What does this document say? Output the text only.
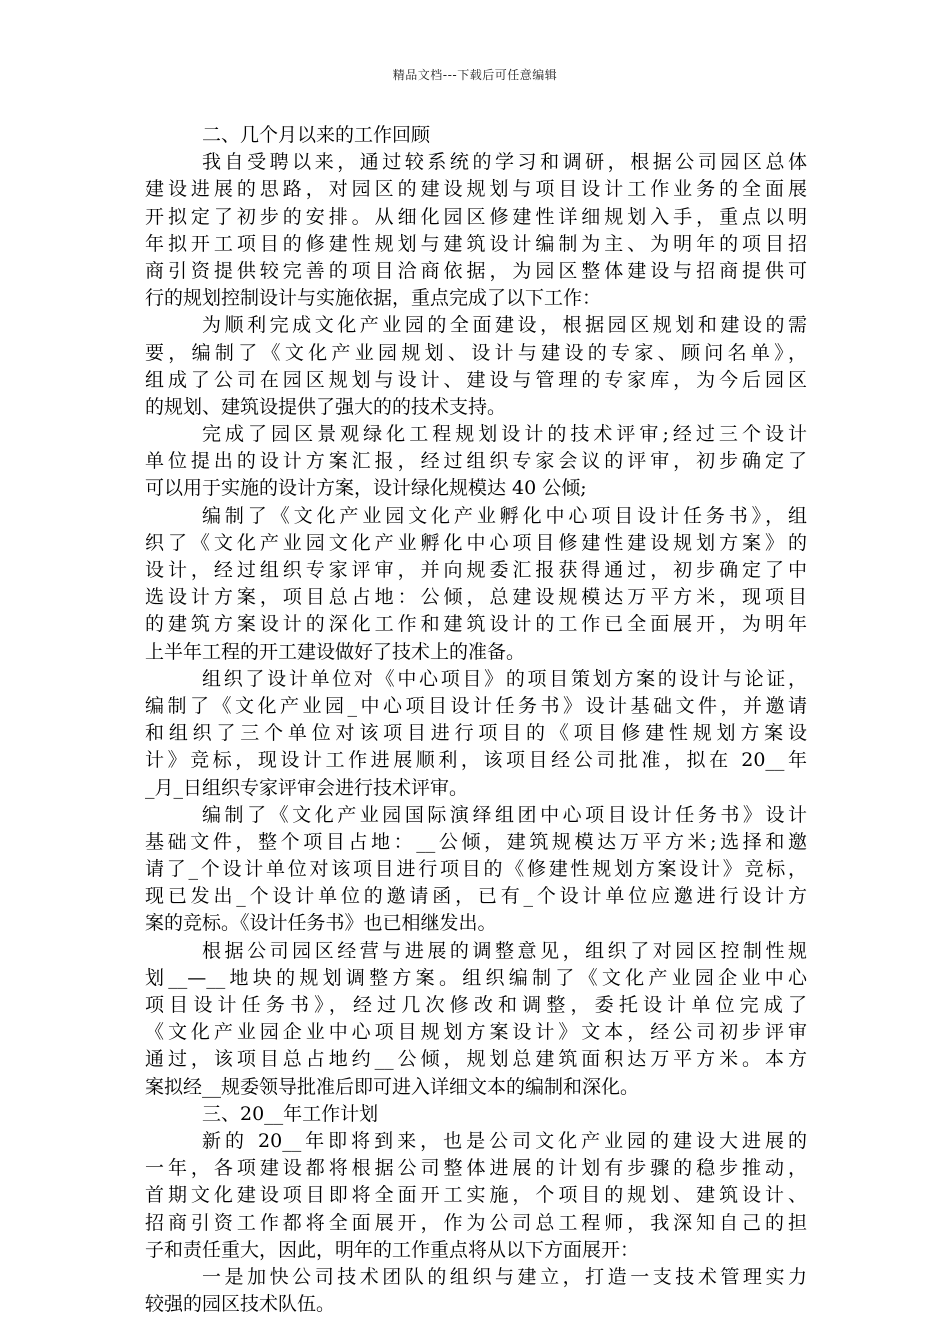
精品文档---下载后可任意编辑
二、几个月以来的工作回顾
我自受聘以来，通过较系统的学习和调研，根据公司园区总体
建设进展的思路，对园区的建设规划与项目设计工作业务的全面展
开拟定了初步的安排。从细化园区修建性详细规划入手，重点以明
年拟开工项目的修建性规划与建筑设计编制为主、为明年的项目招
商引资提供较完善的项目洽商依据，为园区整体建设与招商提供可
行的规划控制设计与实施依据，重点完成了以下工作：
为顺利完成文化产业园的全面建设，根据园区规划和建设的需
要，编制了《文化产业园规划、设计与建设的专家、顾问名单》，
组成了公司在园区规划与设计、建设与管理的专家库，为今后园区
的规划、建筑设提供了强大的的技术支持。
完成了园区景观绿化工程规划设计的技术评审;经过三个设计
单位提出的设计方案汇报，经过组织专家会议的评审，初步确定了
可以用于实施的设计方案，设计绿化规模达 40 公倾;
编制了《文化产业园文化产业孵化中心项目设计任务书》，组
织了《文化产业园文化产业孵化中心项目修建性建设规划方案》的
设计，经过组织专家评审，并向规委汇报获得通过，初步确定了中
选设计方案，项目总占地：公倾，总建设规模达万平方米，现项目
的建筑方案设计的深化工作和建筑设计的工作已全面展开，为明年
上半年工程的开工建设做好了技术上的准备。
组织了设计单位对《中心项目》的项目策划方案的设计与论证，
编制了《文化产业园_中心项目设计任务书》设计基础文件，并邀请
和组织了三个单位对该项目进行项目的《项目修建性规划方案设
计》竞标，现设计工作进展顺利，该项目经公司批准，拟在 20__年
_月_日组织专家评审会进行技术评审。
编制了《文化产业园国际演绎组团中心项目设计任务书》设计
基础文件，整个项目占地：__公倾，建筑规模达万平方米;选择和邀
请了_个设计单位对该项目进行项目的《修建性规划方案设计》竞标，
现已发出_个设计单位的邀请函，已有_个设计单位应邀进行设计方
案的竞标。《设计任务书》也已相继发出。
根据公司园区经营与进展的调整意见，组织了对园区控制性规
划__—__地块的规划调整方案。组织编制了《文化产业园企业中心
项目设计任务书》，经过几次修改和调整，委托设计单位完成了
《文化产业园企业中心项目规划方案设计》文本，经公司初步评审
通过，该项目总占地约__公倾，规划总建筑面积达万平方米。本方
案拟经__规委领导批准后即可进入详细文本的编制和深化。
三、20__年工作计划
新的 20__年即将到来，也是公司文化产业园的建设大进展的
一年，各项建设都将根据公司整体进展的计划有步骤的稳步推动，
首期文化建设项目即将全面开工实施，个项目的规划、建筑设计、
招商引资工作都将全面展开，作为公司总工程师，我深知自己的担
子和责任重大，因此，明年的工作重点将从以下方面展开：
一是加快公司技术团队的组织与建立，打造一支技术管理实力
较强的园区技术队伍。
